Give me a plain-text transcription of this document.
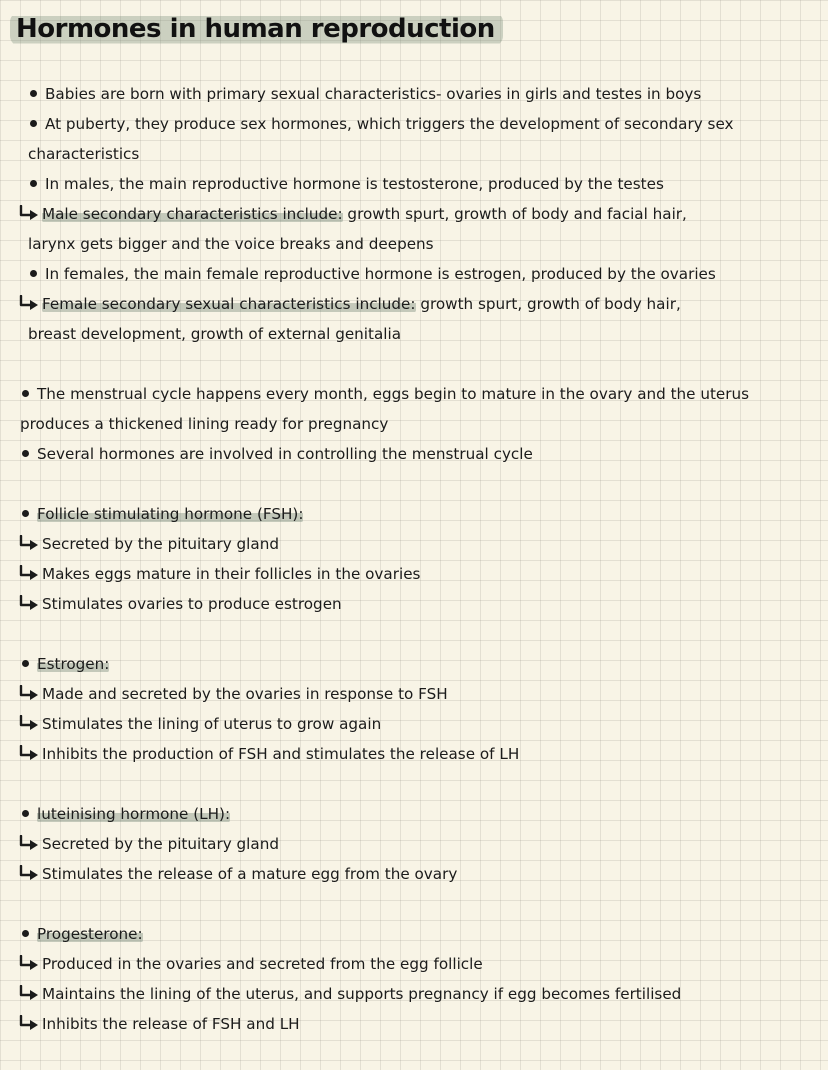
Hormones in human reproduction
Babies are born with primary sexual characteristics- ovaries in girls and testes in boys
At puberty, they produce sex hormones, which triggers the development of secondary sex
characteristics
In males, the main reproductive hormone is testosterone, produced by the testes
Male secondary characteristics include: growth spurt, growth of body and facial hair,
larynx gets bigger and the voice breaks and deepens
In females, the main female reproductive hormone is estrogen, produced by the ovaries
Female secondary sexual characteristics include: growth spurt, growth of body hair,
breast development, growth of external genitalia
The menstrual cycle happens every month, eggs begin to mature in the ovary and the uterus
produces a thickened lining ready for pregnancy
Several hormones are involved in controlling the menstrual cycle
Follicle stimulating hormone (FSH):
Secreted by the pituitary gland
Makes eggs mature in their follicles in the ovaries
Stimulates ovaries to produce estrogen
Estrogen:
Made and secreted by the ovaries in response to FSH
Stimulates the lining of uterus to grow again
Inhibits the production of FSH and stimulates the release of LH
luteinising hormone (LH):
Secreted by the pituitary gland
Stimulates the release of a mature egg from the ovary
Progesterone:
Produced in the ovaries and secreted from the egg follicle
Maintains the lining of the uterus, and supports pregnancy if egg becomes fertilised
Inhibits the release of FSH and LH
